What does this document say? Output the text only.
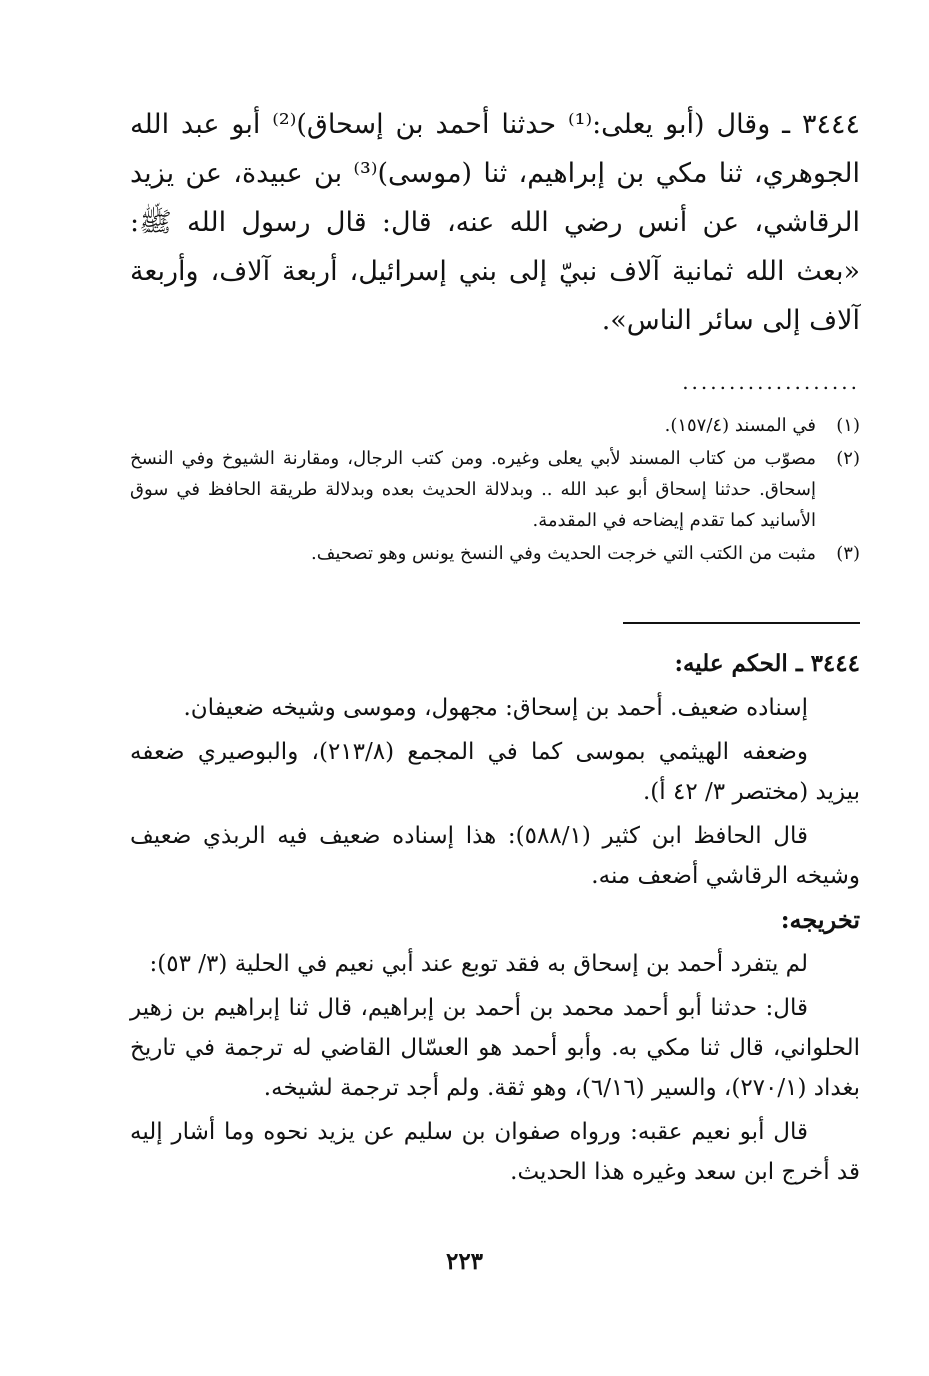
٣٤٤٤ ـ وقال (أبو يعلى:⁽¹⁾ حدثنا أحمد بن إسحاق)⁽²⁾ أبو عبد الله الجوهري، ثنا مكي بن إبراهيم، ثنا (موسى)⁽³⁾ بن عبيدة، عن يزيد الرقاشي، عن أنس رضي الله عنه، قال: قال رسول الله ﷺ: «بعث الله ثمانية آلاف نبيّ إلى بني إسرائيل، أربعة آلاف، وأربعة آلاف إلى سائر الناس».

...................
(١)
في المسند (١٥٧/٤).
(٢)
مصوّب من كتاب المسند لأبي يعلى وغيره. ومن كتب الرجال، ومقارنة الشيوخ وفي النسخ إسحاق. حدثنا إسحاق أبو عبد الله .. وبدلالة الحديث بعده وبدلالة طريقة الحافظ في سوق الأسانيد كما تقدم إيضاحه في المقدمة.
(٣)
مثبت من الكتب التي خرجت الحديث وفي النسخ يونس وهو تصحيف.

٣٤٤٤ ـ الحكم عليه:

إسناده ضعيف. أحمد بن إسحاق: مجهول، وموسى وشيخه ضعيفان.

وضعفه الهيثمي بموسى كما في المجمع (٢١٣/٨)، والبوصيري ضعفه بيزيد (مختصر ٣/ ٤٢ أ).

قال الحافظ ابن كثير (٥٨٨/١): هذا إسناده ضعيف فيه الربذي ضعيف وشيخه الرقاشي أضعف منه.

تخريجه:

لم يتفرد أحمد بن إسحاق به فقد توبع عند أبي نعيم في الحلية (٣/ ٥٣):

قال: حدثنا أبو أحمد محمد بن أحمد بن إبراهيم، قال ثنا إبراهيم بن زهير الحلواني، قال ثنا مكي به. وأبو أحمد هو العسّال القاضي له ترجمة في تاريخ بغداد (٢٧٠/١)، والسير (٦/١٦)، وهو ثقة. ولم أجد ترجمة لشيخه.

قال أبو نعيم عقبه: ورواه صفوان بن سليم عن يزيد نحوه وما أشار إليه قد أخرج ابن سعد وغيره هذا الحديث.

٢٢٣
